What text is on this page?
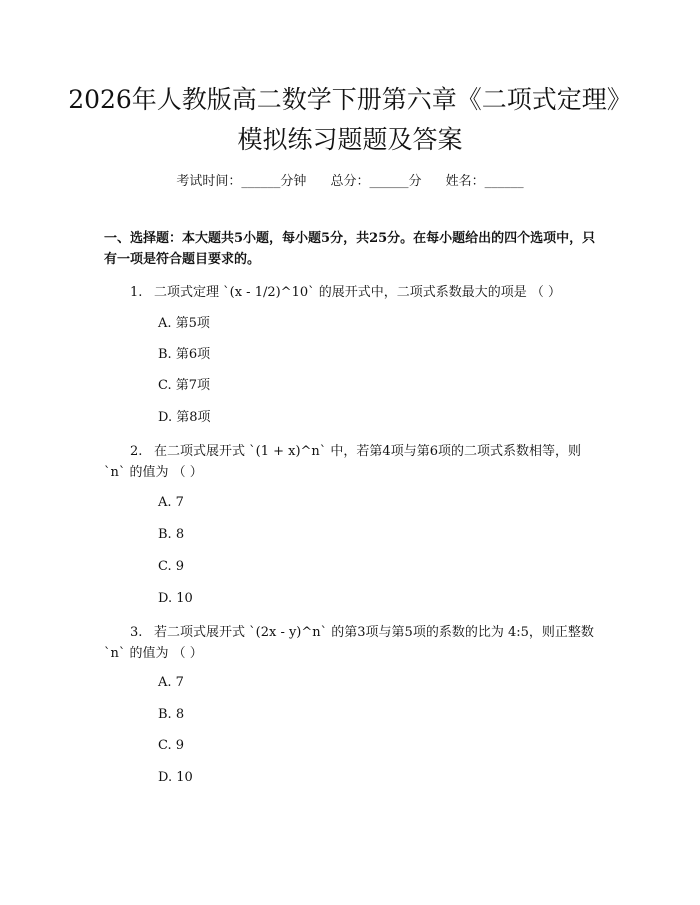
2026年人教版高二数学下册第六章《二项式定理》模拟练习题题及答案
考试时间：______分钟 总分：______分 姓名：______

一、选择题：本大题共5小题，每小题5分，共25分。在每小题给出的四个选项中，只有一项是符合题目要求的。

1. 二项式定理 `(x - 1/2)^10` 的展开式中，二项式系数最大的项是 （ ）

A. 第5项
B. 第6项
C. 第7项
D. 第8项

2. 在二项式展开式 `(1 + x)^n` 中，若第4项与第6项的二项式系数相等，则 `n` 的值为 （ ）

A. 7
B. 8
C. 9
D. 10

3. 若二项式展开式 `(2x - y)^n` 的第3项与第5项的系数的比为 4:5，则正整数 `n` 的值为 （ ）

A. 7
B. 8
C. 9
D. 10
